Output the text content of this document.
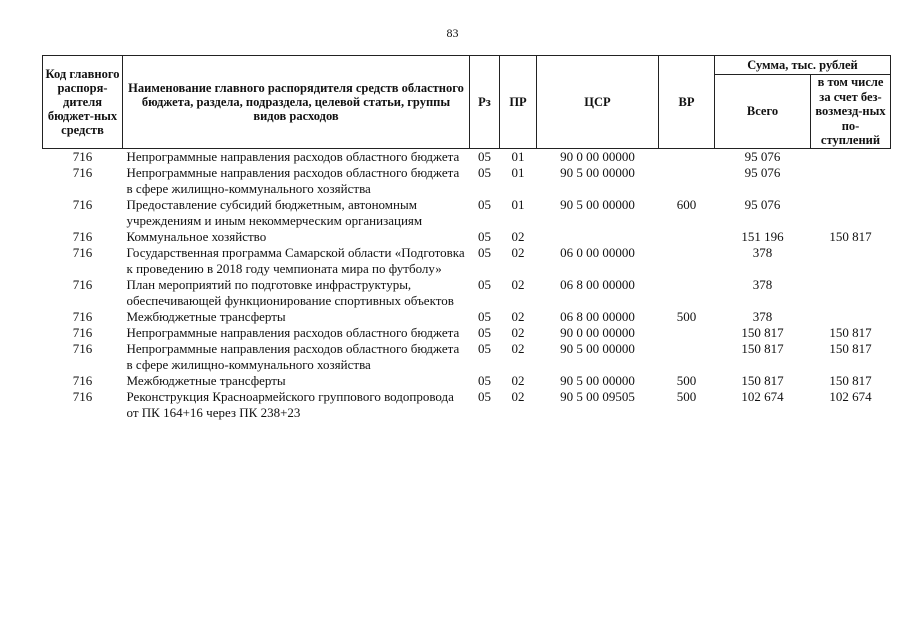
83
Код главного распоря-дителя бюджет-ных средств	Наименование главного распорядителя средств областного бюджета, раздела, подраздела, целевой статьи, группы видов расходов	Рз	ПР	ЦСР	ВР	Сумма, тыс. рублей	
						Всего	в том числе за счет без-возмезд-ных по-ступлений
716	Непрограммные направления расходов областного бюджета	05	01	90 0 00 00000		95 076	
716	Непрограммные направления расходов областного бюджета в сфере жилищно-коммунального хозяйства	05	01	90 5 00 00000		95 076	
716	Предоставление субсидий бюджетным, автономным учреждениям и иным некоммерческим организациям	05	01	90 5 00 00000	600	95 076	
716	Коммунальное хозяйство	05	02			151 196	150 817
716	Государственная программа Самарской области «Подготовка к проведению в 2018 году чемпионата мира по футболу»	05	02	06 0 00 00000		378	
716	План мероприятий по подготовке инфраструктуры, обеспечивающей функционирование спортивных объектов	05	02	06 8 00 00000		378	
716	Межбюджетные трансферты	05	02	06 8 00 00000	500	378	
716	Непрограммные направления расходов областного бюджета	05	02	90 0 00 00000		150 817	150 817
716	Непрограммные направления расходов областного бюджета в сфере жилищно-коммунального хозяйства	05	02	90 5 00 00000		150 817	150 817
716	Межбюджетные трансферты	05	02	90 5 00 00000	500	150 817	150 817
716	Реконструкция Красноармейского группового водопровода от ПК 164+16 через ПК 238+23	05	02	90 5 00 09505	500	102 674	102 674
